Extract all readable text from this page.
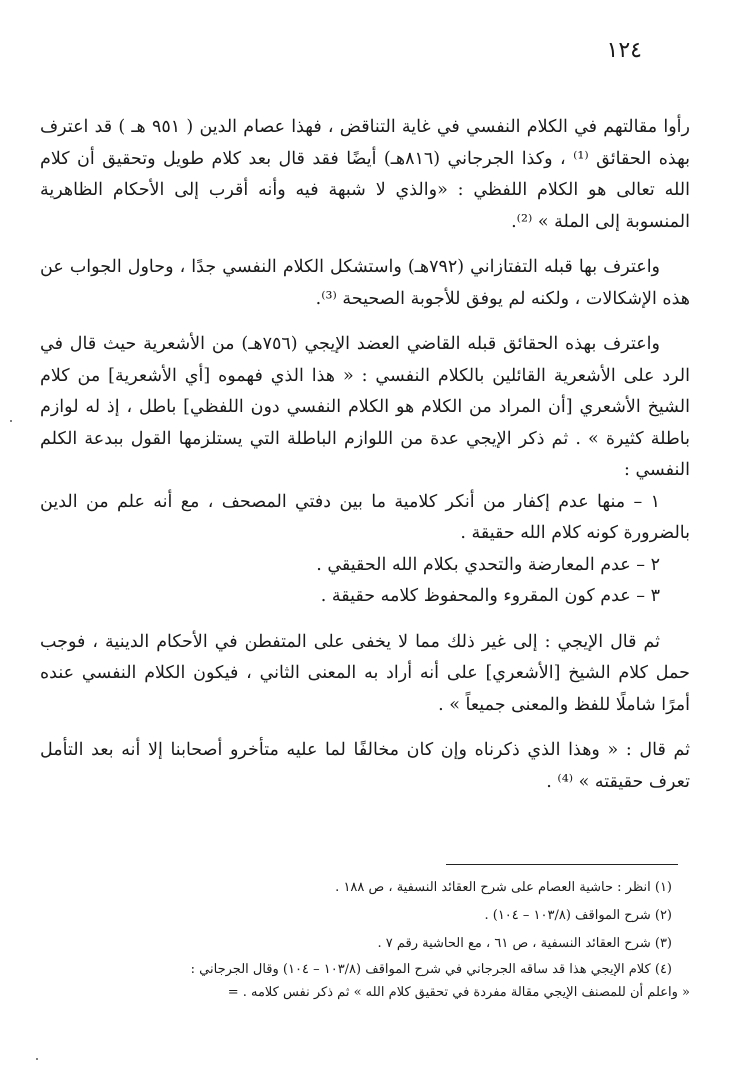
١٢٤

رأوا مقالتهم في الكلام النفسي في غاية التناقض ، فهذا عصام الدين ( ٩٥١ هـ ) قد اعترف بهذه الحقائق ⁽¹⁾ ، وكذا الجرجاني (٨١٦هـ) أيضًا فقد قال بعد كلام طويل وتحقيق أن كلام الله تعالى هو الكلام اللفظي : «والذي لا شبهة فيه وأنه أقرب إلى الأحكام الظاهرية المنسوبة إلى الملة » ⁽²⁾.

واعترف بها قبله التفتازاني (٧٩٢هـ) واستشكل الكلام النفسي جدًا ، وحاول الجواب عن هذه الإشكالات ، ولكنه لم يوفق للأجوبة الصحيحة ⁽³⁾.

واعترف بهذه الحقائق قبله القاضي العضد الإيجي (٧٥٦هـ) من الأشعرية حيث قال في الرد على الأشعرية القائلين بالكلام النفسي : « هذا الذي فهموه [أي الأشعرية] من كلام الشيخ الأشعري [أن المراد من الكلام هو الكلام النفسي دون اللفظي] باطل ، إذ له لوازم باطلة كثيرة » . ثم ذكر الإيجي عدة من اللوازم الباطلة التي يستلزمها القول ببدعة الكلم النفسي :

١ – منها عدم إكفار من أنكر كلامية ما بين دفتي المصحف ، مع أنه علم من الدين بالضرورة كونه كلام الله حقيقة .

٢ – عدم المعارضة والتحدي بكلام الله الحقيقي .

٣ – عدم كون المقروء والمحفوظ كلامه حقيقة .

ثم قال الإيجي : إلى غير ذلك مما لا يخفى على المتفطن في الأحكام الدينية ، فوجب حمل كلام الشيخ [الأشعري] على أنه أراد به المعنى الثاني ، فيكون الكلام النفسي عنده أمرًا شاملًا للفظ والمعنى جميعاً » .

ثم قال : « وهذا الذي ذكرناه وإن كان مخالفًا لما عليه متأخرو أصحابنا إلا أنه بعد التأمل تعرف حقيقته » ⁽⁴⁾ .

(١) انظر : حاشية العصام على شرح العقائد النسفية ، ص ١٨٨ .

(٢) شرح المواقف (١٠٣/٨ – ١٠٤) .

(٣) شرح العقائد النسفية ، ص ٦١ ، مع الحاشية رقم ٧ .

(٤) كلام الإيجي هذا قد ساقه الجرجاني في شرح المواقف (١٠٣/٨ – ١٠٤) وقال الجرجاني :

« واعلم أن للمصنف الإيجي مقالة مفردة في تحقيق كلام الله » ثم ذكر نفس كلامه . =
